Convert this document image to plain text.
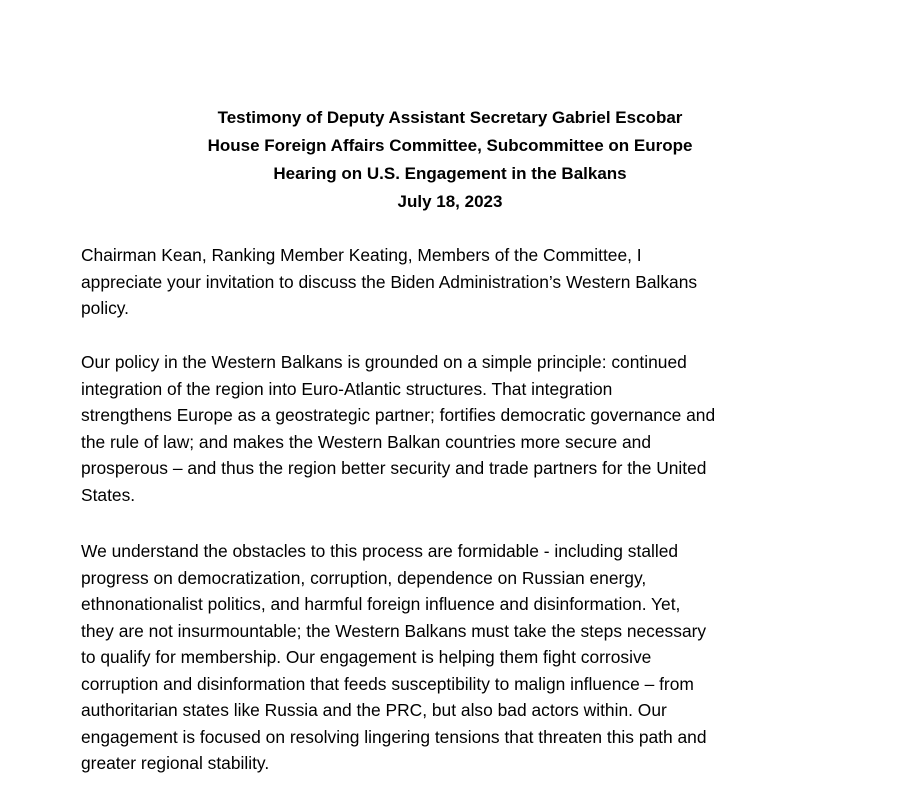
Testimony of Deputy Assistant Secretary Gabriel Escobar
House Foreign Affairs Committee, Subcommittee on Europe
Hearing on U.S. Engagement in the Balkans
July 18, 2023
Chairman Kean, Ranking Member Keating, Members of the Committee, I
appreciate your invitation to discuss the Biden Administration’s Western Balkans
policy.
Our policy in the Western Balkans is grounded on a simple principle: continued
integration of the region into Euro-Atlantic structures. That integration
strengthens Europe as a geostrategic partner; fortifies democratic governance and
the rule of law; and makes the Western Balkan countries more secure and
prosperous – and thus the region better security and trade partners for the United
States.
We understand the obstacles to this process are formidable - including stalled
progress on democratization, corruption, dependence on Russian energy,
ethnonationalist politics, and harmful foreign influence and disinformation. Yet,
they are not insurmountable; the Western Balkans must take the steps necessary
to qualify for membership. Our engagement is helping them fight corrosive
corruption and disinformation that feeds susceptibility to malign influence – from
authoritarian states like Russia and the PRC, but also bad actors within. Our
engagement is focused on resolving lingering tensions that threaten this path and
greater regional stability.
